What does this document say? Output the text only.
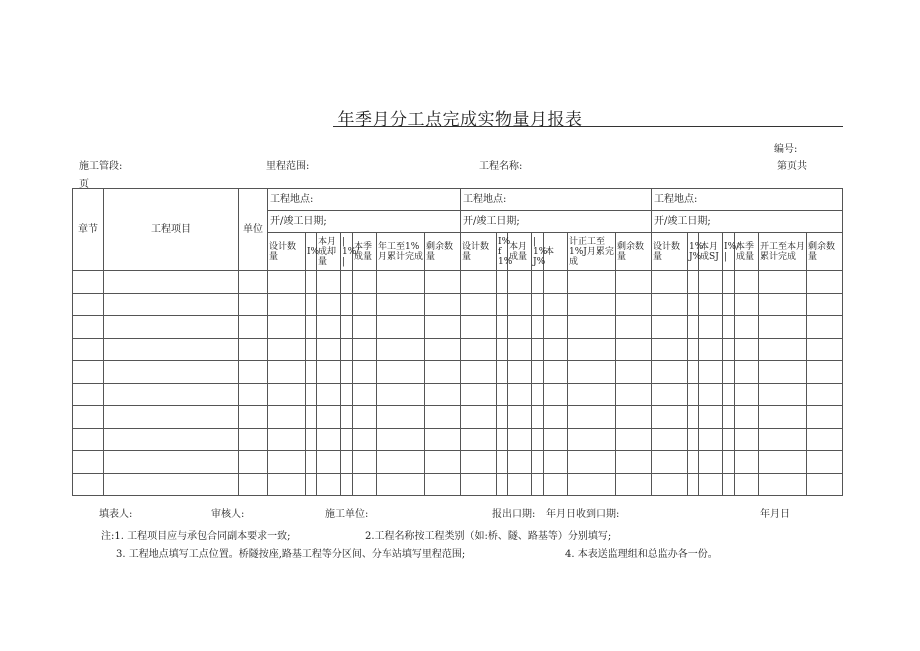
年季月分工点完成实物量月报表
编号:
施工管段:	里程范围:	工程名称:	第页共
页
章节	工程项目	单位	工程地点:							工程地点:							工程地点:						
			开/竣工日期;							开/竣工日期;							开/竣工日期;						
			设计数量	I%	本月成却量	|1%/|	本季成量	年工至1%月累计完成	剩余数量	设计数量	I%f1%	本月成量	|1%J%	本	计正工至1%J月累完成	剩余数量	设计数量	1%J%	本月成SJ	I%/|	本季成量	开工至本月累计完成	剩余数量

填表人:	审核人:	施工单位:	报出口期: 年月日收到口期:	年月日
注:1. 工程项目应与承包合同副本要求一致;	2.工程名称按工程类别（如:桥、隧、路基等）分别填写;
3. 工程地点填写工点位置。桥隧按座,路基工程等分区间、分车站填写里程范围;	4. 本表送监理组和总监办各一份。
